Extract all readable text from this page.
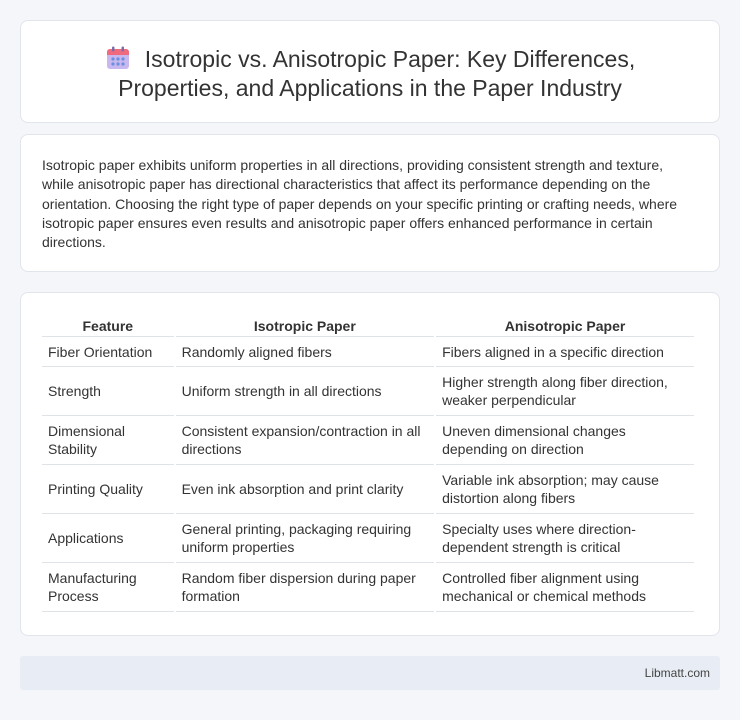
Isotropic vs. Anisotropic Paper: Key Differences, Properties, and Applications in the Paper Industry

Isotropic paper exhibits uniform properties in all directions, providing consistent strength and texture, while anisotropic paper has directional characteristics that affect its performance depending on the orientation. Choosing the right type of paper depends on your specific printing or crafting needs, where isotropic paper ensures even results and anisotropic paper offers enhanced performance in certain directions.

Feature	Isotropic Paper	Anisotropic Paper
Fiber Orientation	Randomly aligned fibers	Fibers aligned in a specific direction
Strength	Uniform strength in all directions	Higher strength along fiber direction, weaker perpendicular
Dimensional Stability	Consistent expansion/contraction in all directions	Uneven dimensional changes depending on direction
Printing Quality	Even ink absorption and print clarity	Variable ink absorption; may cause distortion along fibers
Applications	General printing, packaging requiring uniform properties	Specialty uses where direction-dependent strength is critical
Manufacturing Process	Random fiber dispersion during paper formation	Controlled fiber alignment using mechanical or chemical methods
Libmatt.com
